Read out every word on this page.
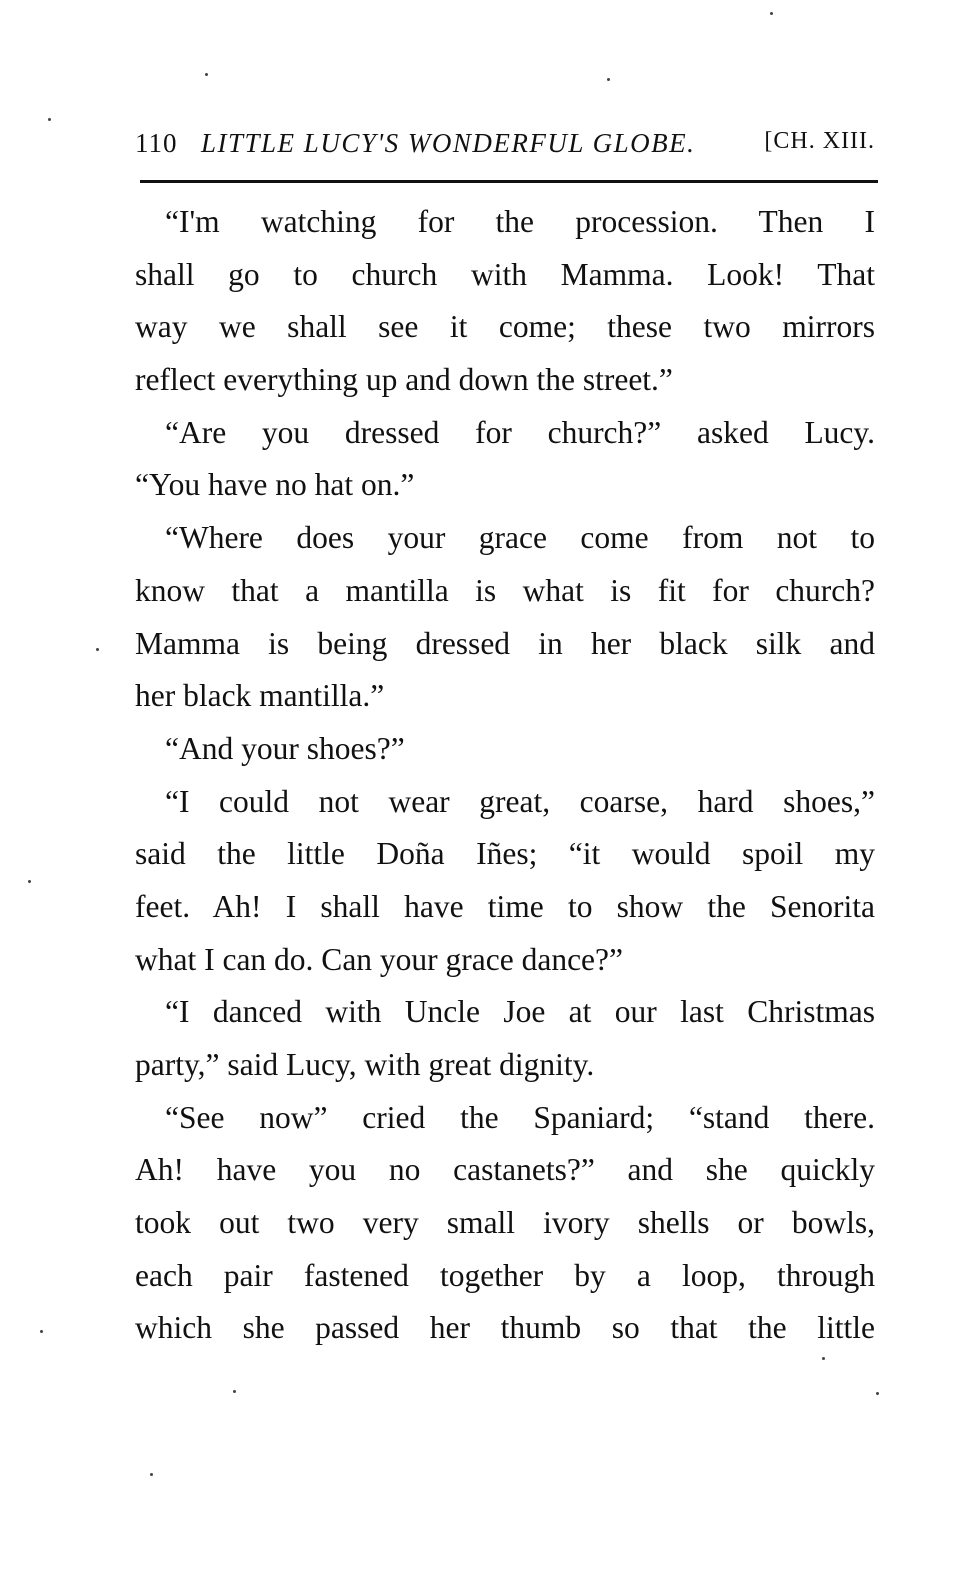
110 LITTLE LUCY'S WONDERFUL GLOBE.	[CH. XIII.
“I'm watching for the procession. Then I
shall go to church with Mamma. Look! That
way we shall see it come; these two mirrors
reflect everything up and down the street.”
“Are you dressed for church?” asked Lucy.
“You have no hat on.”
“Where does your grace come from not to
know that a mantilla is what is fit for church?
Mamma is being dressed in her black silk and
her black mantilla.”
“And your shoes?”
“I could not wear great, coarse, hard shoes,”
said the little Doña Iñes; “it would spoil my
feet. Ah! I shall have time to show the Senorita
what I can do. Can your grace dance?”
“I danced with Uncle Joe at our last Christmas
party,” said Lucy, with great dignity.
“See now” cried the Spaniard; “stand there.
Ah! have you no castanets?” and she quickly
took out two very small ivory shells or bowls,
each pair fastened together by a loop, through
which she passed her thumb so that the little
